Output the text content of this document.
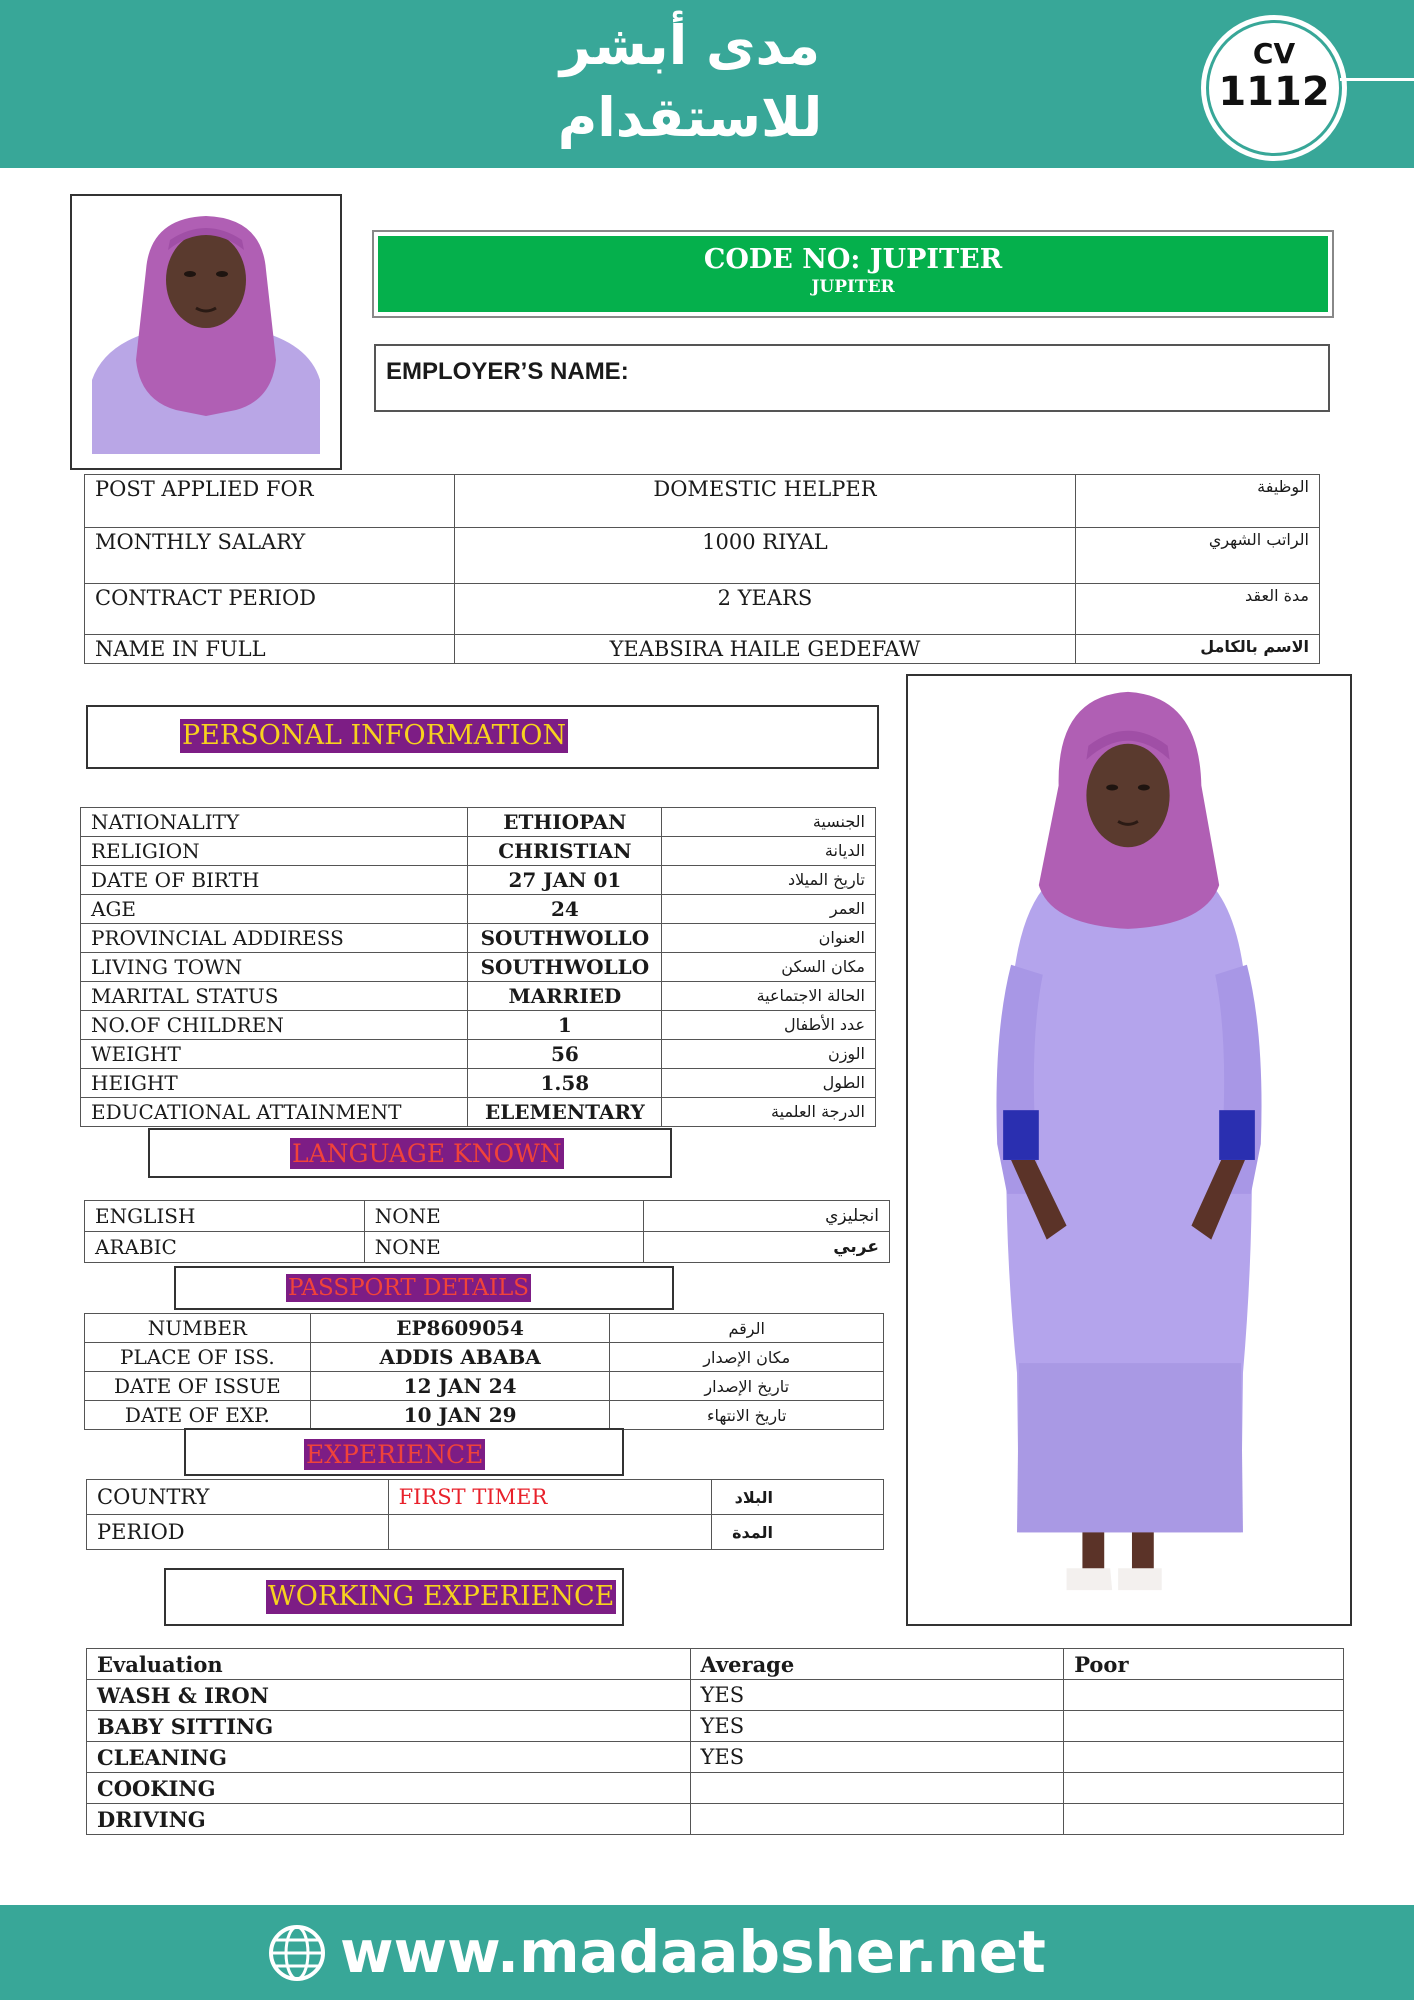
مدى أبشر للاستقدام
CV
1112
CODE NO: JUPITER
JUPITER
EMPLOYER’S NAME:
POST APPLIED FOR	DOMESTIC HELPER	الوظيفة
MONTHLY SALARY	1000 RIYAL	الراتب الشهري
CONTRACT PERIOD	2 YEARS	مدة العقد
NAME IN FULL	YEABSIRA HAILE GEDEFAW	الاسم بالكامل
PERSONAL INFORMATION
NATIONALITY	ETHIOPAN	الجنسية
RELIGION	CHRISTIAN	الديانة
DATE OF BIRTH	27 JAN 01	تاريخ الميلاد
AGE	24	العمر
PROVINCIAL ADDIRESS	SOUTHWOLLO	العنوان
LIVING TOWN	SOUTHWOLLO	مكان السكن
MARITAL STATUS	MARRIED	الحالة الاجتماعية
NO.OF CHILDREN	1	عدد الأطفال
WEIGHT	56	الوزن
HEIGHT	1.58	الطول
EDUCATIONAL ATTAINMENT	ELEMENTARY	الدرجة العلمية
LANGUAGE KNOWN
ENGLISH	NONE	انجليزي
ARABIC	NONE	عربي
PASSPORT DETAILS
NUMBER	EP8609054	الرقم
PLACE OF ISS.	ADDIS ABABA	مكان الإصدار
DATE OF ISSUE	12 JAN 24	تاريخ الإصدار
DATE OF EXP.	10 JAN 29	تاريخ الانتهاء
EXPERIENCE
COUNTRY	FIRST TIMER	البلاد
PERIOD		المدة
WORKING EXPERIENCE
Evaluation	Average	Poor
WASH & IRON	YES	
BABY SITTING	YES	
CLEANING	YES	
COOKING		
DRIVING		
www.madaabsher.net
